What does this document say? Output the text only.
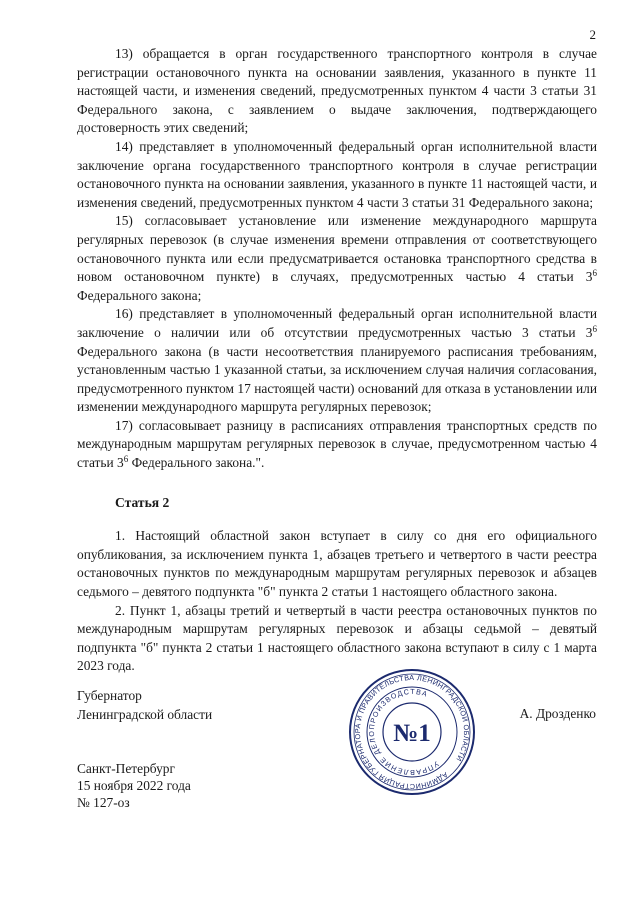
2

13) обращается в орган государственного транспортного контроля в случае регистрации остановочного пункта на основании заявления, указанного в пункте 11 настоящей части, и изменения сведений, предусмотренных пунктом 4 части 3 статьи 31 Федерального закона, с заявлением о выдаче заключения, подтверждающего достоверность этих сведений;

14) представляет в уполномоченный федеральный орган исполнительной власти заключение органа государственного транспортного контроля в случае регистрации остановочного пункта на основании заявления, указанного в пункте 11 настоящей части, и изменения сведений, предусмотренных пунктом 4 части 3 статьи 31 Федерального закона;

15) согласовывает установление или изменение международного маршрута регулярных перевозок (в случае изменения времени отправления от соответствующего остановочного пункта или если предусматривается остановка транспортного средства в новом остановочном пункте) в случаях, предусмотренных частью 4 статьи $3^6$ Федерального закона;

16) представляет в уполномоченный федеральный орган исполнительной власти заключение о наличии или об отсутствии предусмотренных частью 3 статьи $3^6$ Федерального закона (в части несоответствия планируемого расписания требованиям, установленным частью 1 указанной статьи, за исключением случая наличия согласования, предусмотренного пунктом 17 настоящей части) оснований для отказа в установлении или изменении международного маршрута регулярных перевозок;

17) согласовывает разницу в расписаниях отправления транспортных средств по международным маршрутам регулярных перевозок в случае, предусмотренном частью 4 статьи $3^6$ Федерального закона.".

Статья 2

1. Настоящий областной закон вступает в силу со дня его официального опубликования, за исключением пункта 1, абзацев третьего и четвертого в части реестра остановочных пунктов по международным маршрутам регулярных перевозок и абзацев седьмого – девятого подпункта "б" пункта 2 статьи 1 настоящего областного закона.

2. Пункт 1, абзацы третий и четвертый в части реестра остановочных пунктов по международным маршрутам регулярных перевозок и абзацы седьмой – девятый подпункта "б" пункта 2 статьи 1 настоящего областного закона вступают в силу с 1 марта 2023 года.

Губернатор
Ленинградской области
АДМИНИСТРАЦИЯ ГУБЕРНАТОРА И ПРАВИТЕЛЬСТВА ЛЕНИНГРАДСКОЙ ОБЛАСТИ
УПРАВЛЕНИЕ ДЕЛОПРОИЗВОДСТВА
№1
А. Дрозденко
Санкт-Петербург
15 ноября 2022 года
№ 127-оз
